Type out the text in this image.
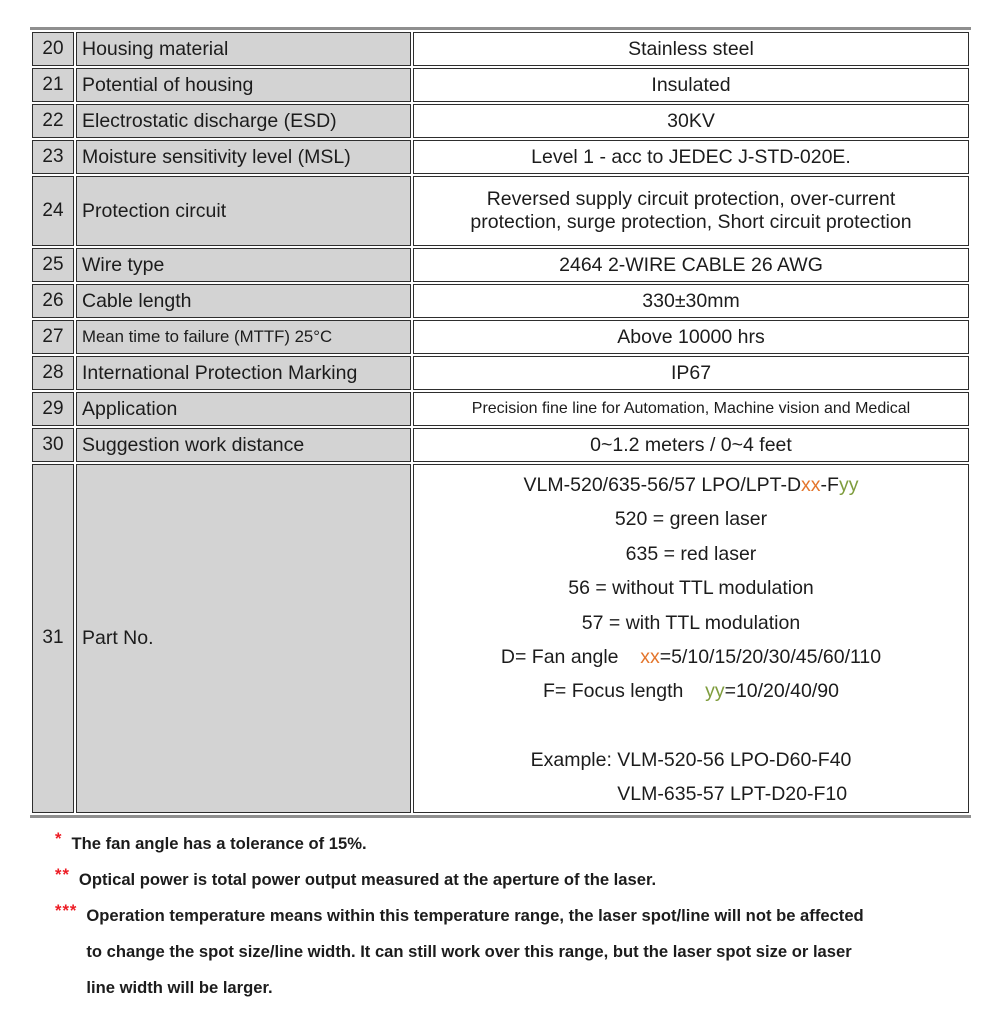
20	Housing material	Stainless steel
21	Potential of housing	Insulated
22	Electrostatic discharge (ESD)	30KV
23	Moisture sensitivity level (MSL)	Level 1 - acc to JEDEC J-STD-020E.
24	Protection circuit	Reversed supply circuit protection, over-current
protection, surge protection, Short circuit protection

25	Wire type	2464 2-WIRE CABLE 26 AWG
26	Cable length	330±30mm
27	Mean time to failure (MTTF) 25°C	Above 10000 hrs
28	International Protection Marking	IP67
29	Application	Precision fine line for Automation, Machine vision and Medical
30	Suggestion work distance	0~1.2 meters / 0~4 feet
31	Part No.	
VLM-520/635-56/57 LPO/LPT-Dxx-Fyy
520 = green laser
635 = red laser
56 = without TTL modulation
57 = with TTL modulation
D= Fan angle    xx=5/10/15/20/30/45/60/110
F= Focus length    yy=10/20/40/90
Example: VLM-520-56 LPO-D60-F40
VLM-635-57 LPT-D20-F10
* The fan angle has a tolerance of 15%.
** Optical power is total power output measured at the aperture of the laser.
*** Operation temperature means within this temperature range, the laser spot/line will not be affected
to change the spot size/line width. It can still work over this range, but the laser spot size or laser
line width will be larger.
